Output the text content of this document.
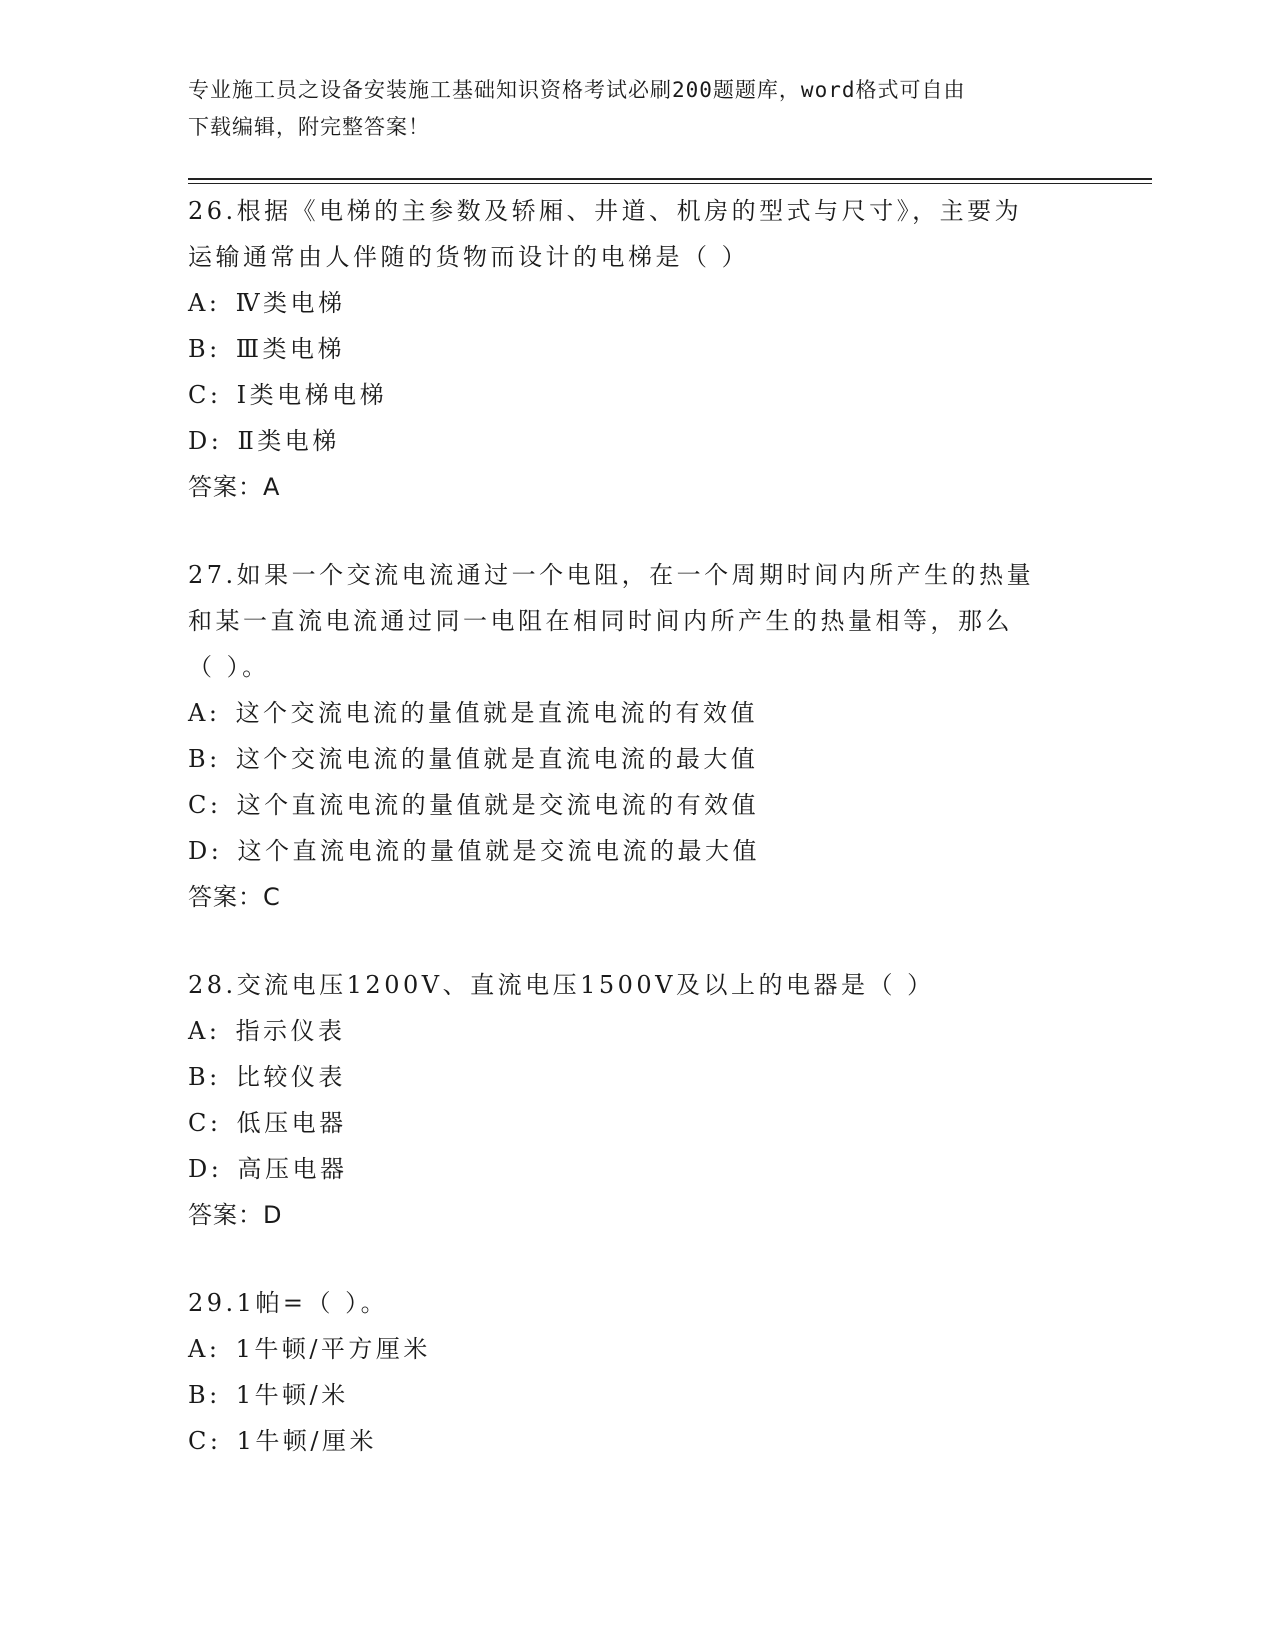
专业施工员之设备安装施工基础知识资格考试必刷200题题库，word格式可自由
下载编辑，附完整答案！

26.根据《电梯的主参数及轿厢、井道、机房的型式与尺寸》，主要为

运输通常由人伴随的货物而设计的电梯是（ ）

A: Ⅳ类电梯

B: Ⅲ类电梯

C: Ⅰ类电梯电梯

D: Ⅱ类电梯

答案：A

27.如果一个交流电流通过一个电阻，在一个周期时间内所产生的热量

和某一直流电流通过同一电阻在相同时间内所产生的热量相等，那么

（ ）。

A: 这个交流电流的量值就是直流电流的有效值

B: 这个交流电流的量值就是直流电流的最大值

C: 这个直流电流的量值就是交流电流的有效值

D: 这个直流电流的量值就是交流电流的最大值

答案：C

28.交流电压1200V、直流电压1500V及以上的电器是（ ）

A: 指示仪表

B: 比较仪表

C: 低压电器

D: 高压电器

答案：D

29.1帕=（ ）。

A: 1牛顿/平方厘米

B: 1牛顿/米

C: 1牛顿/厘米
